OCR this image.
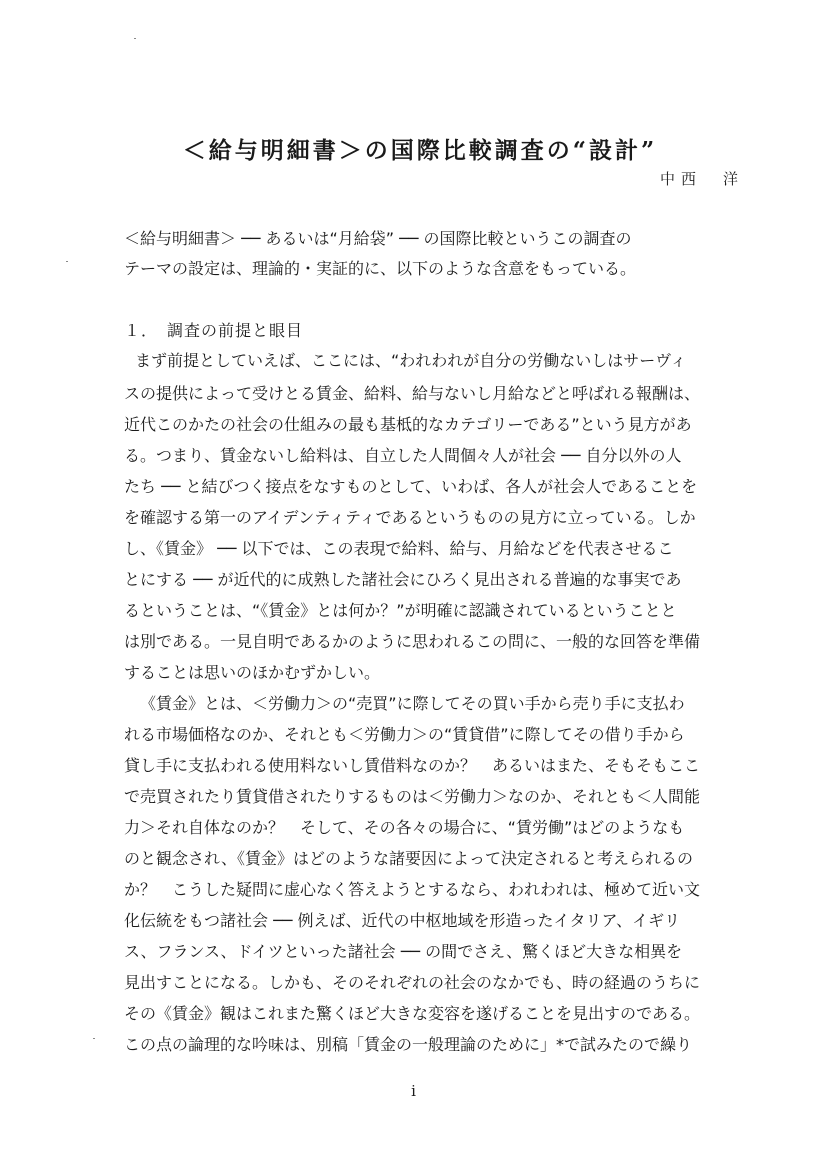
＜給与明細書＞の国際比較調査の“設計”
中西　洋
＜給与明細書＞ ── あるいは“月給袋” ── の国際比較というこの調査の
テーマの設定は、理論的・実証的に、以下のような含意をもっている。
１．　調査の前提と眼目
まず前提としていえば、ここには、“われわれが自分の労働ないしはサーヴィ
スの提供によって受けとる賃金、給料、給与ないし月給などと呼ばれる報酬は、
近代このかたの社会の仕組みの最も基柢的なカテゴリーである”という見方があ
る。つまり、賃金ないし給料は、自立した人間個々人が社会 ── 自分以外の人
たち ── と結びつく接点をなすものとして、いわば、各人が社会人であることを
を確認する第一のアイデンティティであるというものの見方に立っている。しか
し、《賃金》 ── 以下では、この表現で給料、給与、月給などを代表させるこ
とにする ── が近代的に成熟した諸社会にひろく見出される普遍的な事実であ
るということは、“《賃金》とは何か？”が明確に認識されているということと
は別である。一見自明であるかのように思われるこの問に、一般的な回答を準備
することは思いのほかむずかしい。
《賃金》とは、＜労働力＞の“売買”に際してその買い手から売り手に支払わ
れる市場価格なのか、それとも＜労働力＞の“賃貸借”に際してその借り手から
貸し手に支払われる使用料ないし賃借料なのか？　あるいはまた、そもそもここ
で売買されたり賃貸借されたりするものは＜労働力＞なのか、それとも＜人間能
力＞それ自体なのか？　そして、その各々の場合に、“賃労働”はどのようなも
のと観念され、《賃金》はどのような諸要因によって決定されると考えられるの
か？　こうした疑問に虚心なく答えようとするなら、われわれは、極めて近い文
化伝統をもつ諸社会 ── 例えば、近代の中枢地域を形造ったイタリア、イギリ
ス、フランス、ドイツといった諸社会 ── の間でさえ、驚くほど大きな相異を
見出すことになる。しかも、そのそれぞれの社会のなかでも、時の経過のうちに
その《賃金》観はこれまた驚くほど大きな変容を遂げることを見出すのである。
この点の論理的な吟味は、別稿「賃金の一般理論のために」*で試みたので繰り
i
